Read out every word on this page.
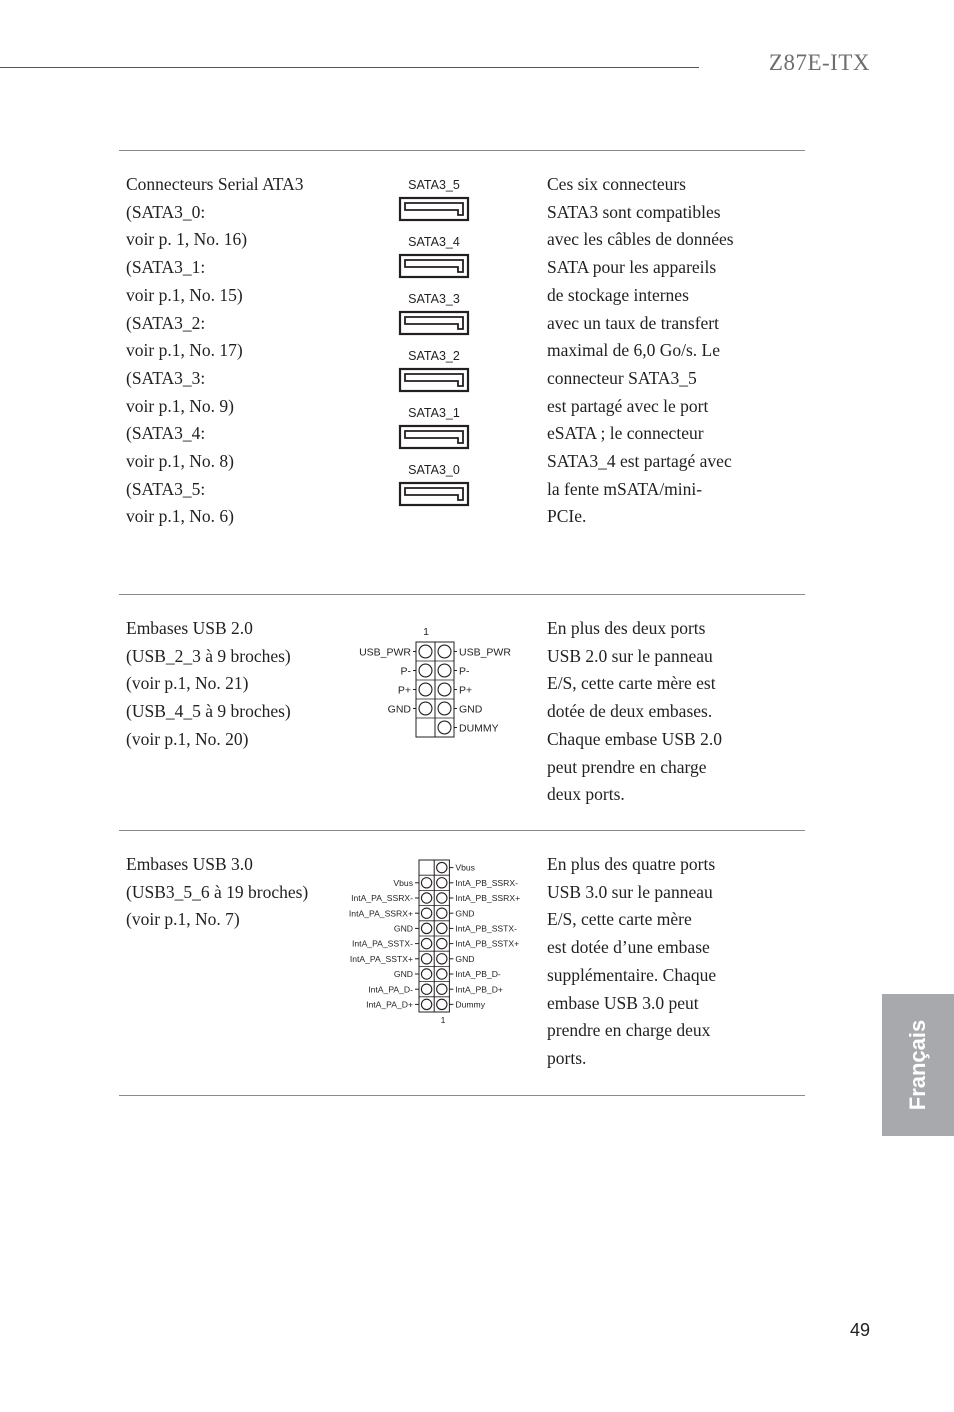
Z87E-ITX
Connecteurs Serial ATA3
(SATA3_0:
voir p. 1, No. 16)
(SATA3_1:
voir p.1, No. 15)
(SATA3_2:
voir p.1, No. 17)
(SATA3_3:
voir p.1, No. 9)
(SATA3_4:
voir p.1, No. 8)
(SATA3_5:
voir p.1, No. 6)
SATA3_5
SATA3_4
SATA3_3
SATA3_2
SATA3_1
SATA3_0
Ces six connecteurs
SATA3 sont compatibles
avec les câbles de données
SATA pour les appareils
de stockage internes
avec un taux de transfert
maximal de 6,0 Go/s. Le
connecteur SATA3_5
est partagé avec le port
eSATA ; le connecteur
SATA3_4 est partagé avec
la fente mSATA/mini-
PCIe.
Embases USB 2.0
(USB_2_3 à 9 broches)
(voir p.1, No. 21)
(USB_4_5 à 9 broches)
(voir p.1, No. 20)
USB_PWR
USB_PWR
P-
P-
P+
P+
GND
GND
DUMMY
1	En plus des deux ports
USB 2.0 sur le panneau
E/S, cette carte mère est
dotée de deux embases.
Chaque embase USB 2.0
peut prendre en charge
deux ports.
Embases USB 3.0
(USB3_5_6 à 19 broches)
(voir p.1, No. 7)
Vbus
IntA_PB_SSRX-
Vbus
IntA_PB_SSRX+
IntA_PA_SSRX-
GND
IntA_PA_SSRX+
IntA_PB_SSTX-
GND
IntA_PB_SSTX+
IntA_PA_SSTX-
GND
IntA_PA_SSTX+
IntA_PB_D-
GND
IntA_PB_D+
IntA_PA_D-
Dummy
IntA_PA_D+
1
En plus des quatre ports
USB 3.0 sur le panneau
E/S, cette carte mère
est dotée d’une embase
supplémentaire. Chaque
embase USB 3.0 peut
prendre en charge deux
ports.	Français
49
